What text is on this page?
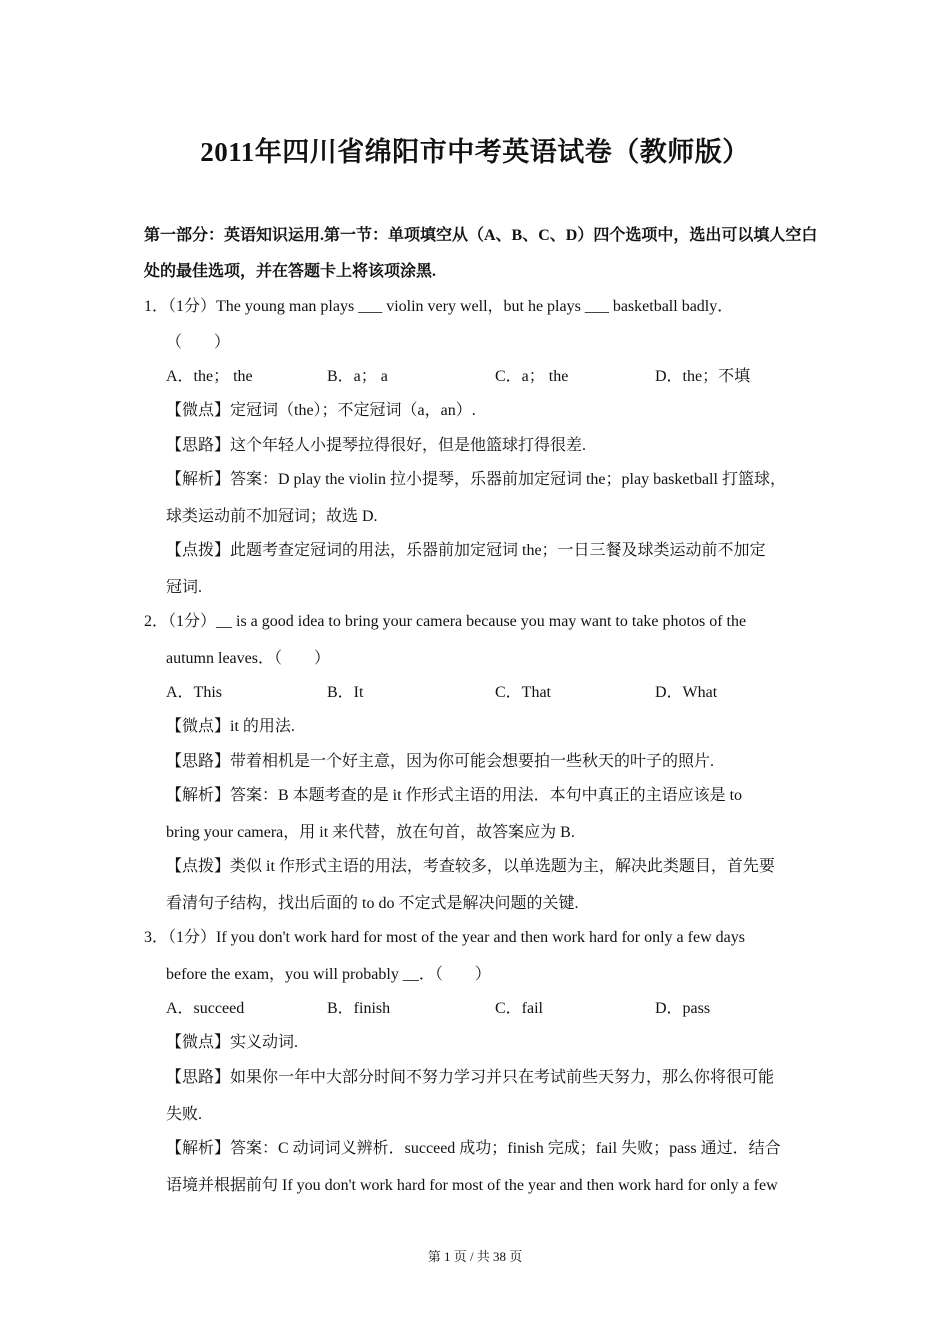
2011年四川省绵阳市中考英语试卷（教师版）
第一部分：英语知识运用.第一节：单项填空从（A、B、C、D）四个选项中，选出可以填人空白处的最佳选项，并在答题卡上将该项涂黑.
1．（1分）The young man plays ___ violin very well，but he plays ___ basketball badly．
（　　）
A．the； the	B．a； a	C．a； the	D．the；不填
【微点】定冠词（the）；不定冠词（a，an）.
【思路】这个年轻人小提琴拉得很好，但是他篮球打得很差.
【解析】答案：D play the violin 拉小提琴，乐器前加定冠词 the；play basketball 打篮球，
球类运动前不加冠词；故选 D.
【点拨】此题考查定冠词的用法，乐器前加定冠词 the；一日三餐及球类运动前不加定
冠词.
2．（1分）__ is a good idea to bring your camera because you may want to take photos of the
autumn leaves．（　　）
A．This	B．It	C．That	D．What
【微点】it 的用法.
【思路】带着相机是一个好主意，因为你可能会想要拍一些秋天的叶子的照片.
【解析】答案：B 本题考查的是 it 作形式主语的用法．本句中真正的主语应该是 to
bring your camera，用 it 来代替，放在句首，故答案应为 B.
【点拨】类似 it 作形式主语的用法，考查较多，以单选题为主，解决此类题目，首先要
看清句子结构，找出后面的 to do 不定式是解决问题的关键.
3．（1分）If you don't work hard for most of the year and then work hard for only a few days
before the exam，you will probably __．（　　）
A．succeed	B．finish	C．fail	D．pass
【微点】实义动词.
【思路】如果你一年中大部分时间不努力学习并只在考试前些天努力，那么你将很可能
失败.
【解析】答案：C 动词词义辨析．succeed 成功；finish 完成；fail 失败；pass 通过．结合
语境并根据前句 If you don't work hard for most of the year and then work hard for only a few
第 1 页 / 共 38 页
